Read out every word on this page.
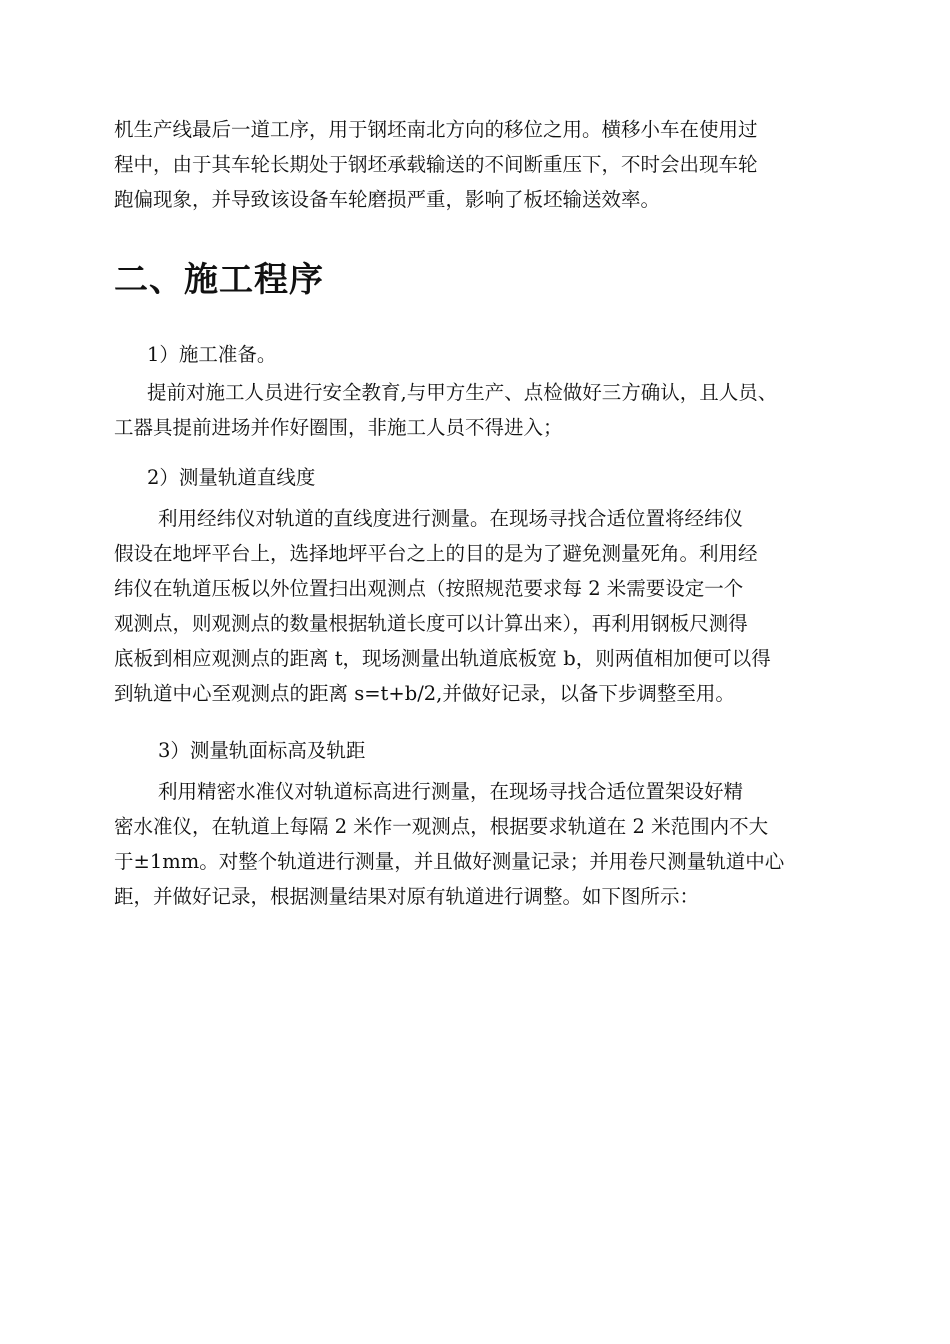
机生产线最后一道工序，用于钢坯南北方向的移位之用。横移小车在使用过
程中，由于其车轮长期处于钢坯承载输送的不间断重压下，不时会出现车轮
跑偏现象，并导致该设备车轮磨损严重，影响了板坯输送效率。
二、施工程序
1）施工准备。
提前对施工人员进行安全教育,与甲方生产、点检做好三方确认，且人员、
工器具提前进场并作好圈围，非施工人员不得进入；
2）测量轨道直线度
利用经纬仪对轨道的直线度进行测量。在现场寻找合适位置将经纬仪
假设在地坪平台上，选择地坪平台之上的目的是为了避免测量死角。利用经
纬仪在轨道压板以外位置扫出观测点（按照规范要求每 2 米需要设定一个
观测点，则观测点的数量根据轨道长度可以计算出来），再利用钢板尺测得
底板到相应观测点的距离 t，现场测量出轨道底板宽 b，则两值相加便可以得
到轨道中心至观测点的距离 s=t+b/2,并做好记录，以备下步调整至用。
3）测量轨面标高及轨距
利用精密水准仪对轨道标高进行测量，在现场寻找合适位置架设好精
密水准仪，在轨道上每隔 2 米作一观测点，根据要求轨道在 2 米范围内不大
于±1mm。对整个轨道进行测量，并且做好测量记录；并用卷尺测量轨道中心
距，并做好记录，根据测量结果对原有轨道进行调整。如下图所示：
